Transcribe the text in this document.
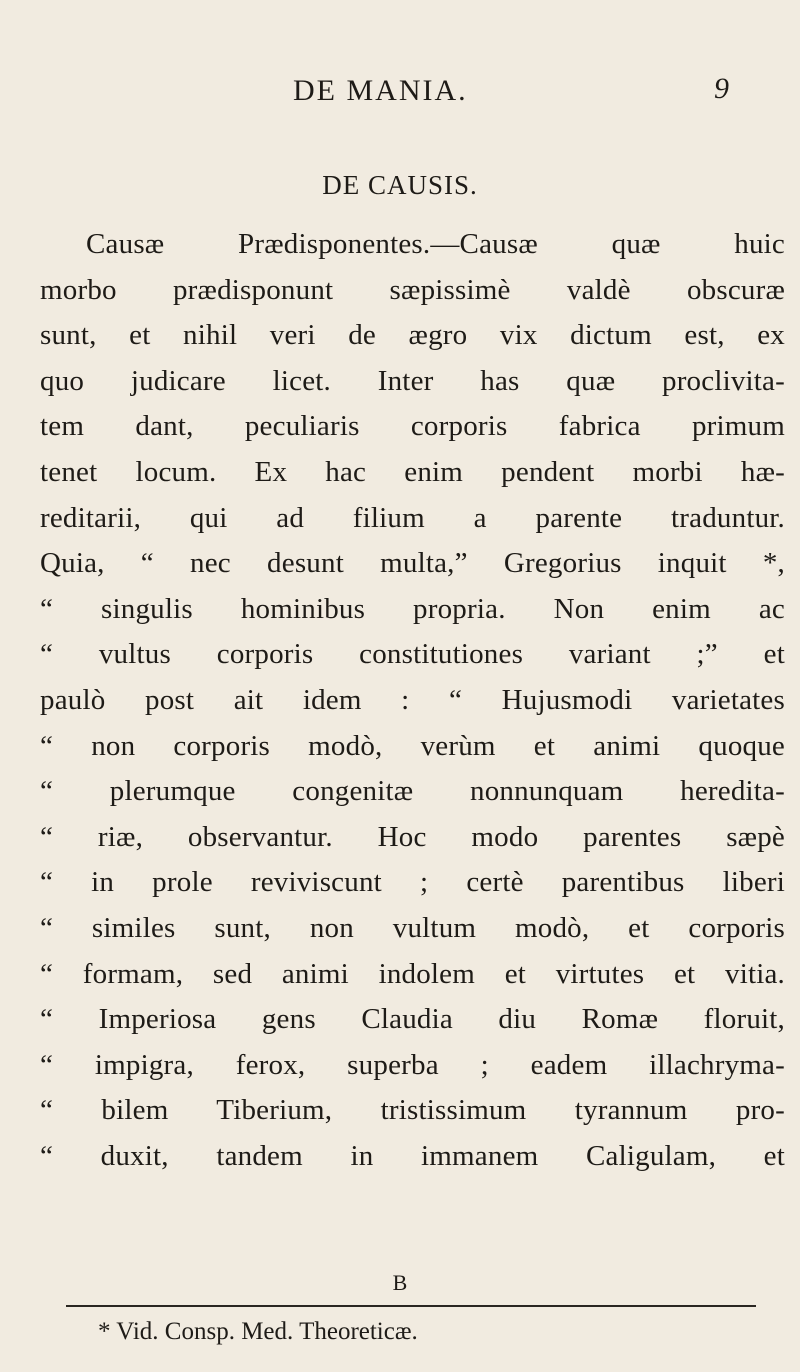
DE MANIA.	9
DE CAUSIS.
Causæ Prædisponentes.—Causæ quæ huic
morbo prædisponunt sæpissimè valdè obscuræ
sunt, et nihil veri de ægro vix dictum est, ex
quo judicare licet. Inter has quæ proclivita-
tem dant, peculiaris corporis fabrica primum
tenet locum. Ex hac enim pendent morbi hæ-
reditarii, qui ad filium a parente traduntur.
Quia, “ nec desunt multa,” Gregorius inquit *,
“ singulis hominibus propria. Non enim ac
“ vultus corporis constitutiones variant ;” et
paulò post ait idem : “ Hujusmodi varietates
“ non corporis modò, verùm et animi quoque
“ plerumque congenitæ nonnunquam heredita-
“ riæ, observantur. Hoc modo parentes sæpè
“ in prole reviviscunt ; certè parentibus liberi
“ similes sunt, non vultum modò, et corporis
“ formam, sed animi indolem et virtutes et vitia.
“ Imperiosa gens Claudia diu Romæ floruit,
“ impigra, ferox, superba ; eadem illachryma-
“ bilem Tiberium, tristissimum tyrannum pro-
“ duxit, tandem in immanem Caligulam, et
B
* Vid. Consp. Med. Theoreticæ.
